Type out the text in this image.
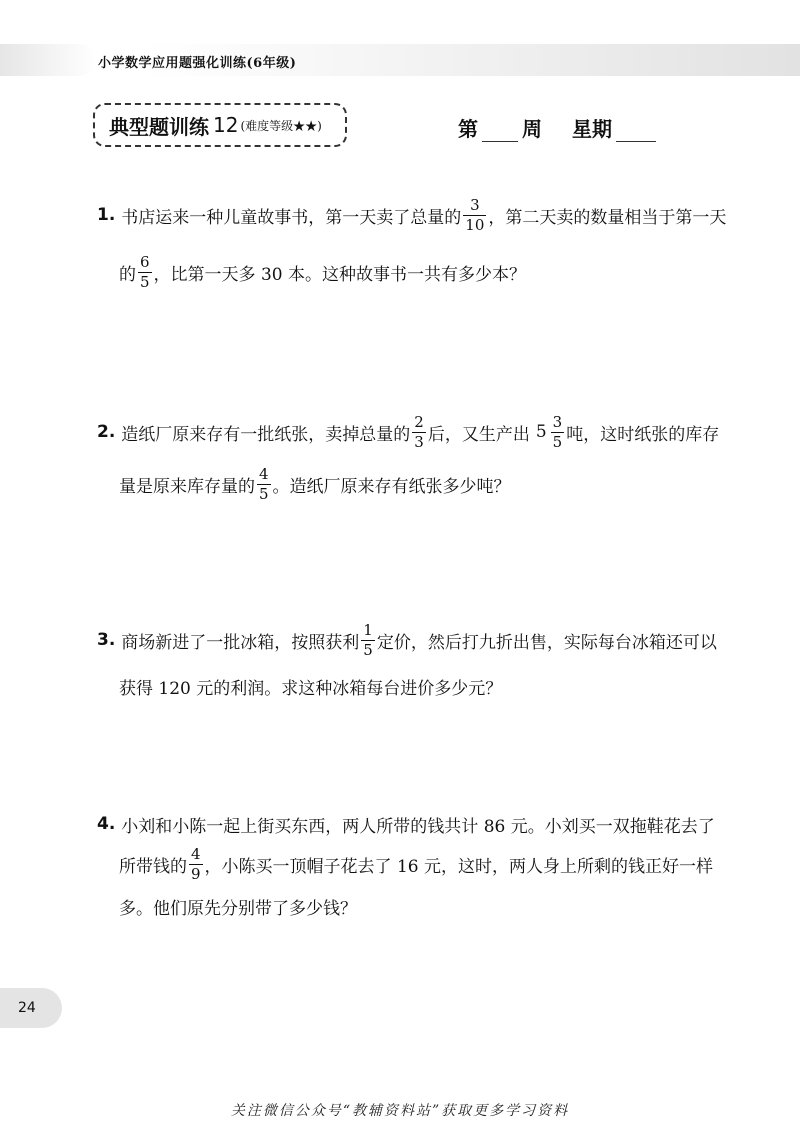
小学数学应用题强化训练(6年级)
典型题训练 12 (难度等级★★)	第 周 星期
1. 书店运来一种儿童故事书，第一天卖了总量的 $\frac{3}{10}$ ，第二天卖的数量相当于第一天
的 $\frac{6}{5}$ ，比第一天多 30 本。这种故事书一共有多少本？
2. 造纸厂原来存有一批纸张，卖掉总量的 $\frac{2}{3}$ 后，又生产出 $5 \frac{3}{5}$ 吨，这时纸张的库存
量是原来库存量的 $\frac{4}{5}$ 。造纸厂原来存有纸张多少吨？
3. 商场新进了一批冰箱，按照获利 $\frac{1}{5}$ 定价，然后打九折出售，实际每台冰箱还可以
获得 120 元的利润。求这种冰箱每台进价多少元？
4. 小刘和小陈一起上街买东西，两人所带的钱共计 86 元。小刘买一双拖鞋花去了
所带钱的 $\frac{4}{9}$ ，小陈买一顶帽子花去了 16 元，这时，两人身上所剩的钱正好一样
多。他们原先分别带了多少钱？
24
关注微信公众号“教辅资料站”获取更多学习资料
